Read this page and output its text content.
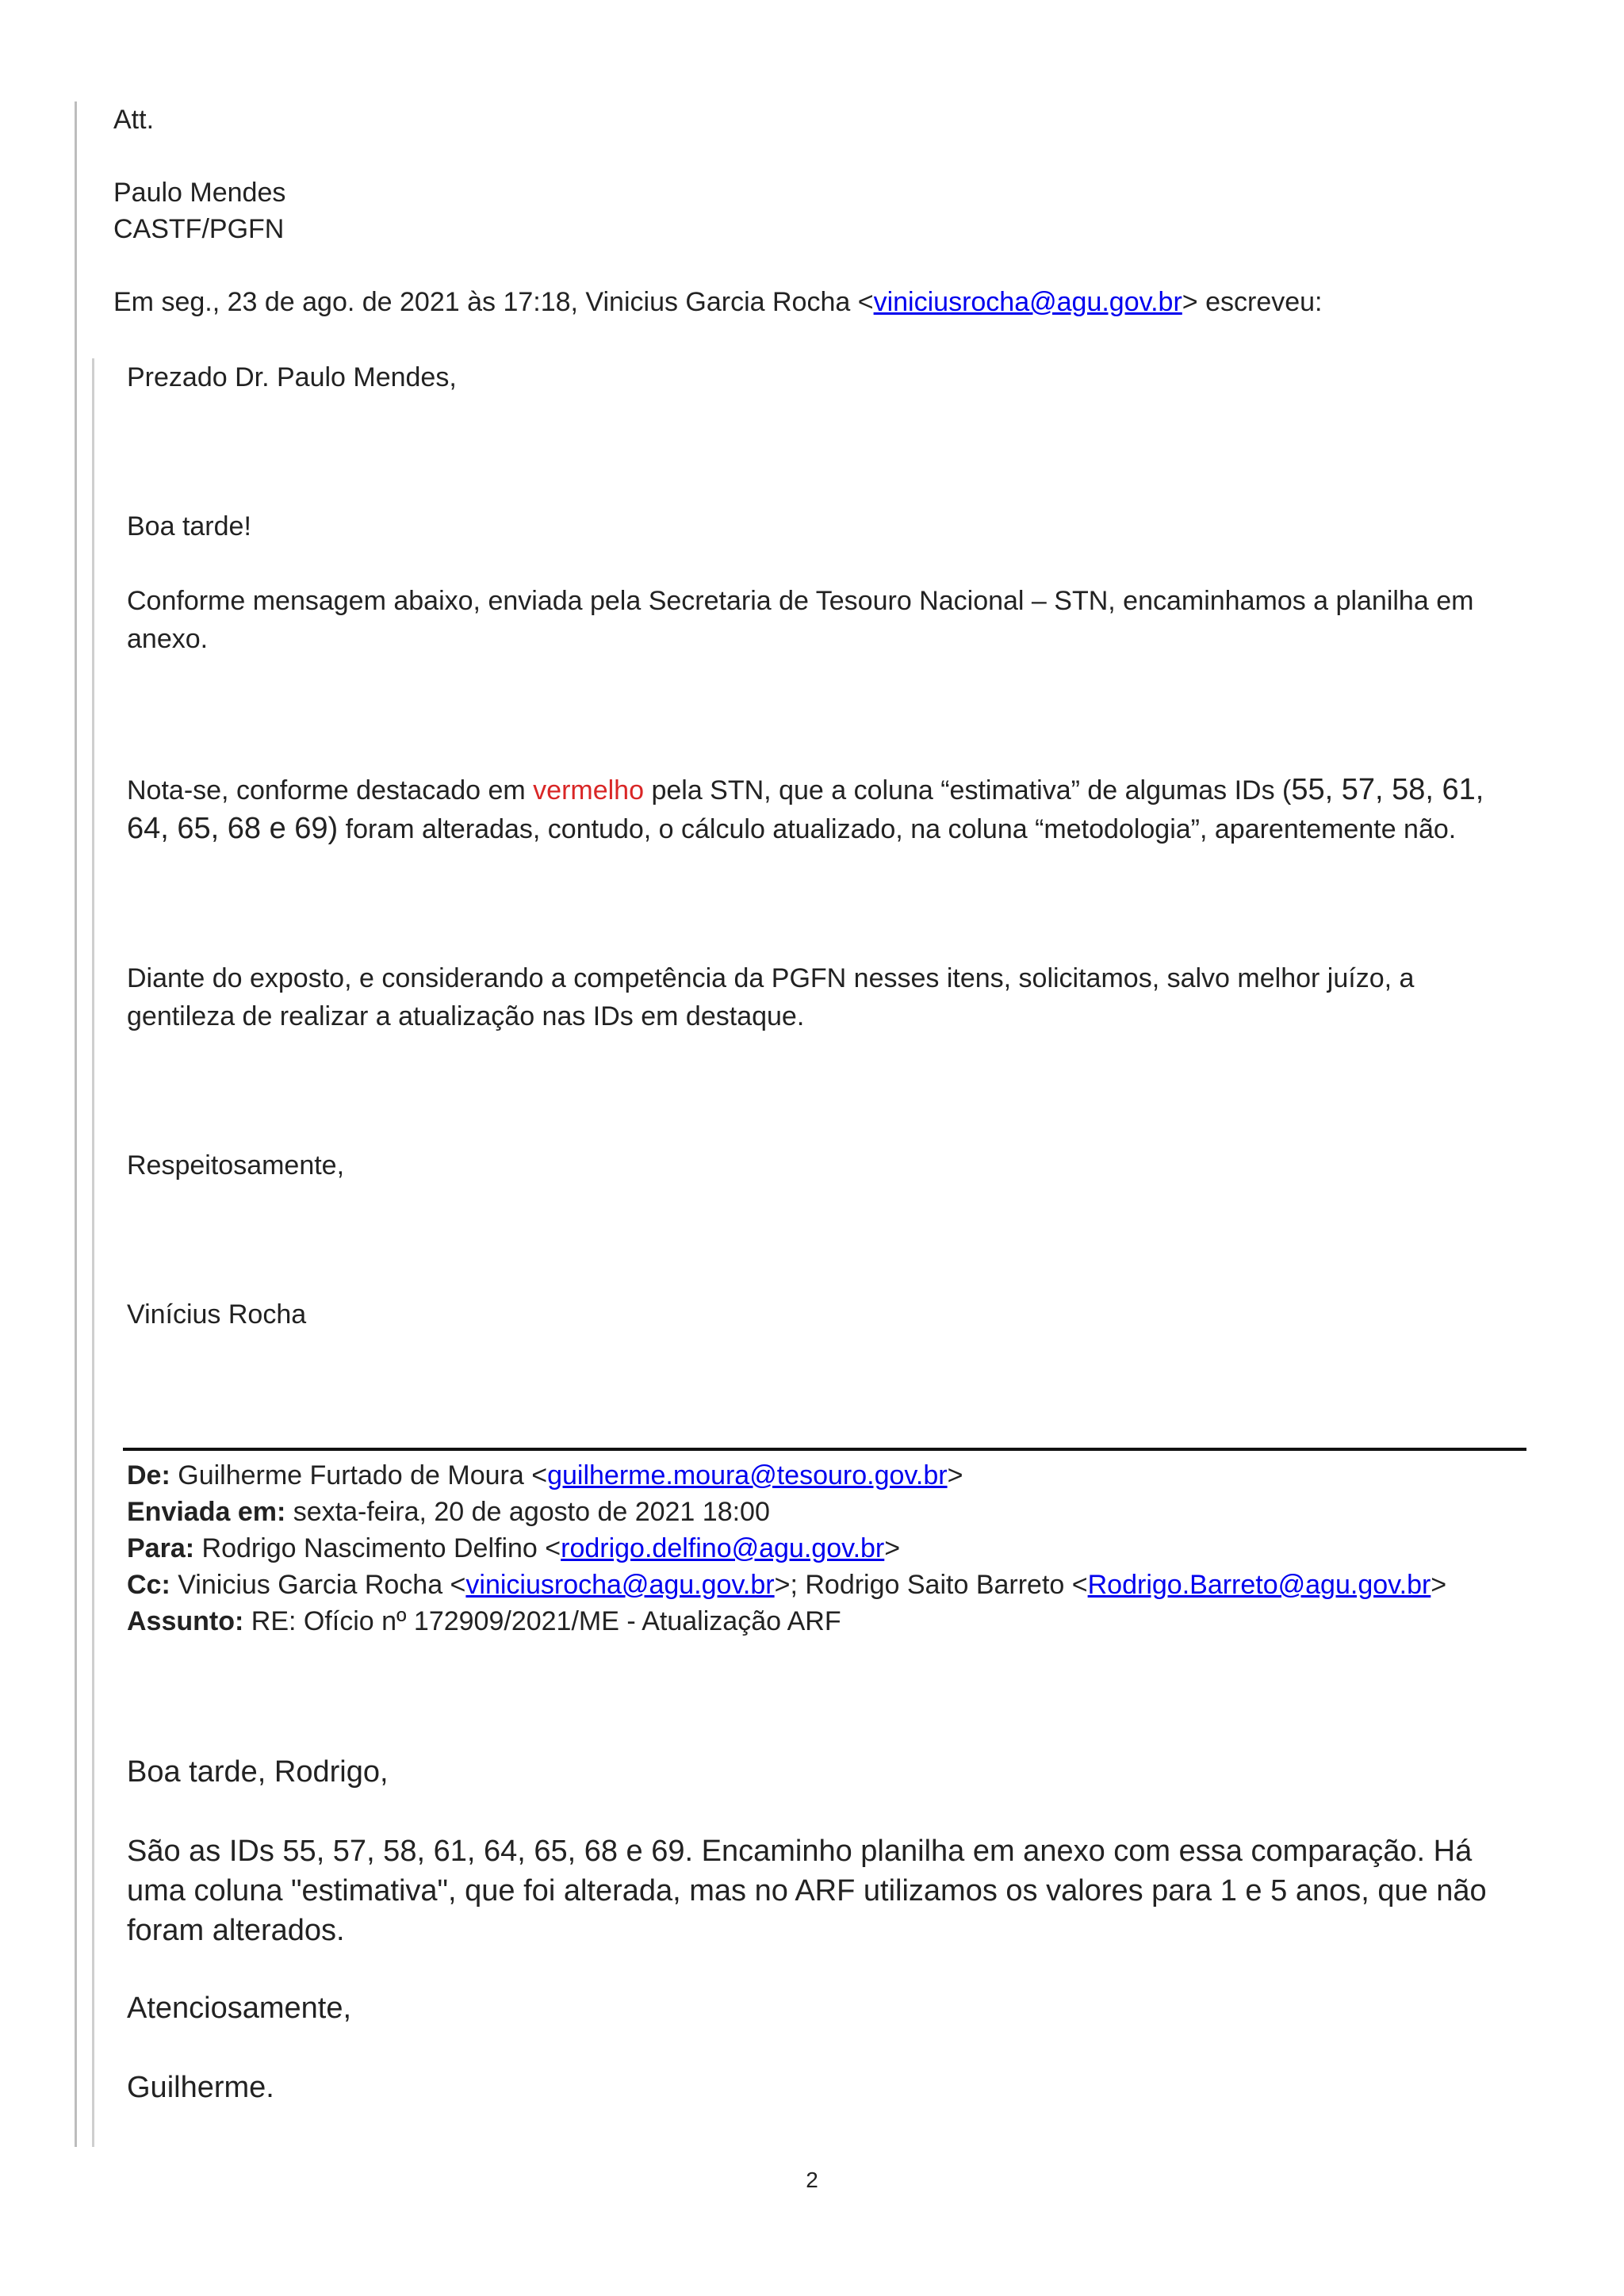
Att.
Paulo Mendes
CASTF/PGFN
Em seg., 23 de ago. de 2021 às 17:18, Vinicius Garcia Rocha <viniciusrocha@agu.gov.br> escreveu:
Prezado Dr. Paulo Mendes,
Boa tarde!
Conforme mensagem abaixo, enviada pela Secretaria de Tesouro Nacional – STN, encaminhamos a planilha em anexo.
Nota-se, conforme destacado em vermelho pela STN, que a coluna “estimativa” de algumas IDs (55, 57, 58, 61, 64, 65, 68 e 69) foram alteradas, contudo, o cálculo atualizado, na coluna “metodologia”, aparentemente não.
Diante do exposto, e considerando a competência da PGFN nesses itens, solicitamos, salvo melhor juízo, a gentileza de realizar a atualização nas IDs em destaque.
Respeitosamente,
Vinícius Rocha
De: Guilherme Furtado de Moura <guilherme.moura@tesouro.gov.br>
Enviada em: sexta-feira, 20 de agosto de 2021 18:00
Para: Rodrigo Nascimento Delfino <rodrigo.delfino@agu.gov.br>
Cc: Vinicius Garcia Rocha <viniciusrocha@agu.gov.br>; Rodrigo Saito Barreto <Rodrigo.Barreto@agu.gov.br>
Assunto: RE: Ofício nº 172909/2021/ME - Atualização ARF
Boa tarde, Rodrigo,
São as IDs 55, 57, 58, 61, 64, 65, 68 e 69. Encaminho planilha em anexo com essa comparação. Há uma coluna "estimativa", que foi alterada, mas no ARF utilizamos os valores para 1 e 5 anos, que não foram alterados.
Atenciosamente,
Guilherme.
2
